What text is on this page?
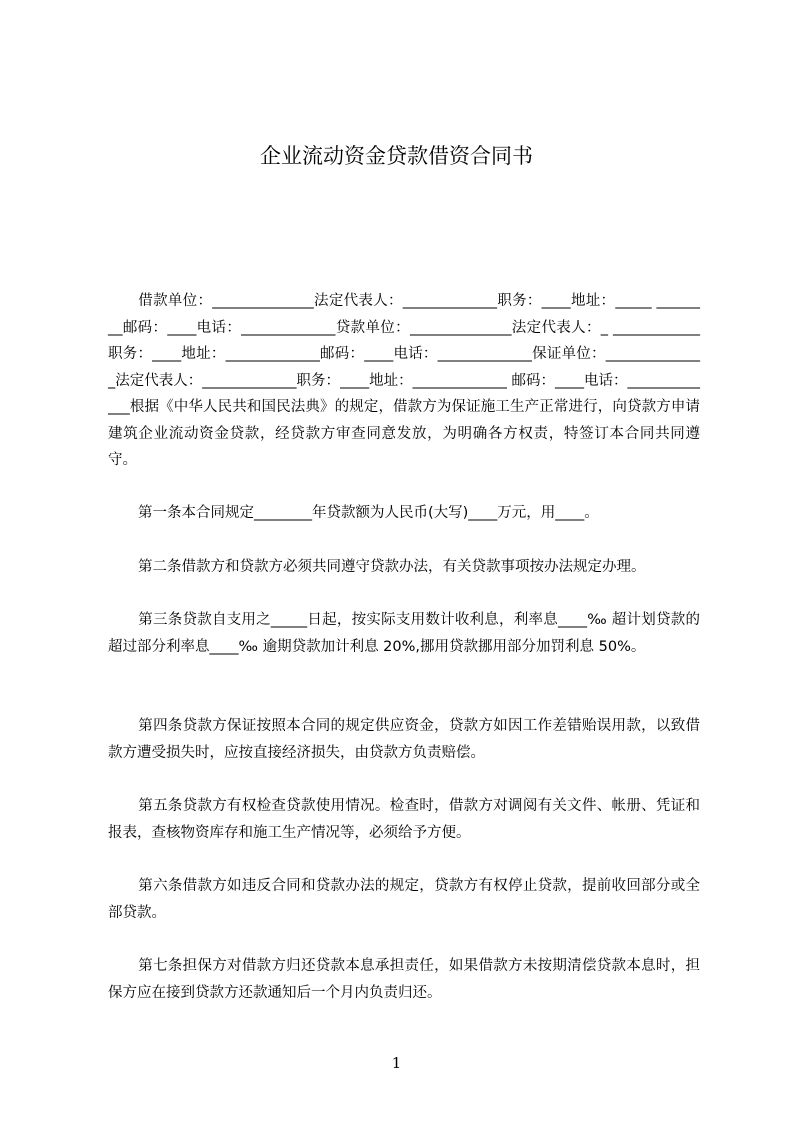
企业流动资金贷款借资合同书
借款单位：______________法定代表人：_____________职务：____地址：_____ ________邮码：____电话：_____________贷款单位：______________法定代表人：_ ____________职务：____地址：_____________邮码：____电话：_____________保证单位：______________法定代表人：_____________职务：____地址：_____________ 邮码：____电话：_____________根据《中华人民共和国民法典》的规定，借款方为保证施工生产正常进行，向贷款方申请建筑企业流动资金贷款，经贷款方审查同意发放，为明确各方权责，特签订本合同共同遵守。
第一条本合同规定________年贷款额为人民币(大写)____万元，用____。
第二条借款方和贷款方必须共同遵守贷款办法，有关贷款事项按办法规定办理。
第三条贷款自支用之_____日起，按实际支用数计收利息，利率息____‰ 超计划贷款的超过部分利率息____‰ 逾期贷款加计利息 20%,挪用贷款挪用部分加罚利息 50%。
第四条贷款方保证按照本合同的规定供应资金，贷款方如因工作差错贻误用款，以致借款方遭受损失时，应按直接经济损失，由贷款方负责赔偿。
第五条贷款方有权检查贷款使用情况。检查时，借款方对调阅有关文件、帐册、凭证和报表，查核物资库存和施工生产情况等，必须给予方便。
第六条借款方如违反合同和贷款办法的规定，贷款方有权停止贷款，提前收回部分或全部贷款。
第七条担保方对借款方归还贷款本息承担责任，如果借款方未按期清偿贷款本息时，担保方应在接到贷款方还款通知后一个月内负责归还。
1
